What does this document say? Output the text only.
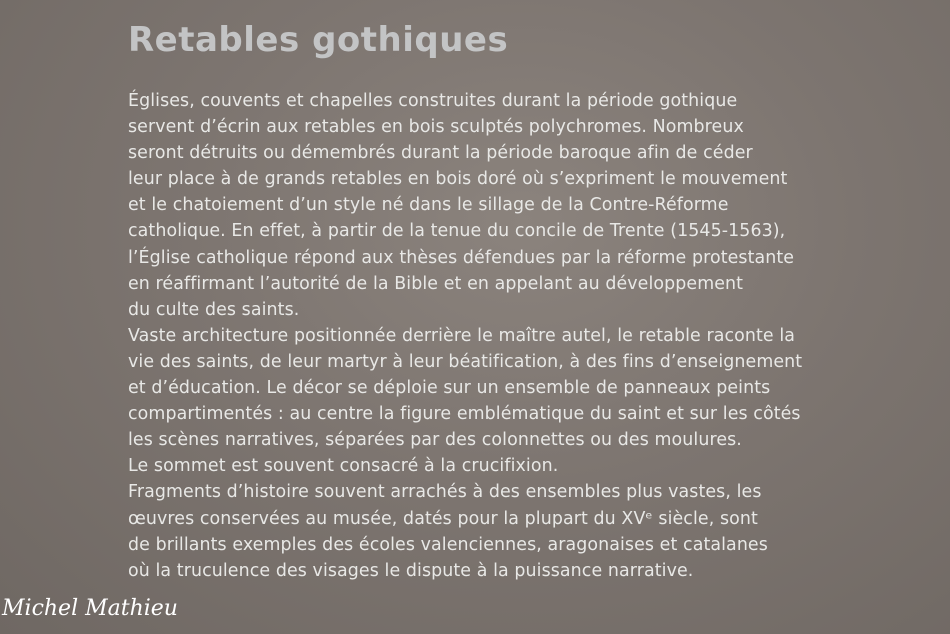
Retables gothiques
Églises, couvents et chapelles construites durant la période gothique
servent d’écrin aux retables en bois sculptés polychromes. Nombreux
seront détruits ou démembrés durant la période baroque afin de céder
leur place à de grands retables en bois doré où s’expriment le mouvement
et le chatoiement d’un style né dans le sillage de la Contre-Réforme
catholique. En effet, à partir de la tenue du concile de Trente (1545-1563),
l’Église catholique répond aux thèses défendues par la réforme protestante
en réaffirmant l’autorité de la Bible et en appelant au développement
du culte des saints.
Vaste architecture positionnée derrière le maître autel, le retable raconte la
vie des saints, de leur martyr à leur béatification, à des fins d’enseignement
et d’éducation. Le décor se déploie sur un ensemble de panneaux peints
compartimentés : au centre la figure emblématique du saint et sur les côtés
les scènes narratives, séparées par des colonnettes ou des moulures.
Le sommet est souvent consacré à la crucifixion.
Fragments d’histoire souvent arrachés à des ensembles plus vastes, les
œuvres conservées au musée, datés pour la plupart du XVᵉ siècle, sont
de brillants exemples des écoles valenciennes, aragonaises et catalanes
où la truculence des visages le dispute à la puissance narrative.
Michel Mathieu
